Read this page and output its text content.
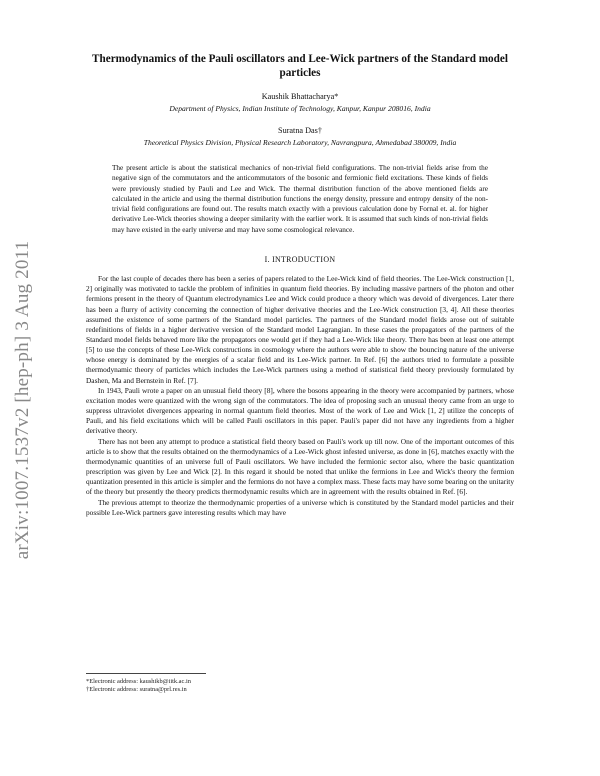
arXiv:1007.1537v2 [hep-ph] 3 Aug 2011
Thermodynamics of the Pauli oscillators and Lee-Wick partners of the Standard model particles
Kaushik Bhattacharya*
Department of Physics, Indian Institute of Technology, Kanpur, Kanpur 208016, India
Suratna Das†
Theoretical Physics Division, Physical Research Laboratory, Navrangpura, Ahmedabad 380009, India
The present article is about the statistical mechanics of non-trivial field configurations. The non-trivial fields arise from the negative sign of the commutators and the anticommutators of the bosonic and fermionic field excitations. These kinds of fields were previously studied by Pauli and Lee and Wick. The thermal distribution function of the above mentioned fields are calculated in the article and using the thermal distribution functions the energy density, pressure and entropy density of the non-trivial field configurations are found out. The results match exactly with a previous calculation done by Fornal et. al. for higher derivative Lee-Wick theories showing a deeper similarity with the earlier work. It is assumed that such kinds of non-trivial fields may have existed in the early universe and may have some cosmological relevance.
I. INTRODUCTION

For the last couple of decades there has been a series of papers related to the Lee-Wick kind of field theories. The Lee-Wick construction [1, 2] originally was motivated to tackle the problem of infinities in quantum field theories. By including massive partners of the photon and other fermions present in the theory of Quantum electrodynamics Lee and Wick could produce a theory which was devoid of divergences. Later there has been a flurry of activity concerning the connection of higher derivative theories and the Lee-Wick construction [3, 4]. All these theories assumed the existence of some partners of the Standard model particles. The partners of the Standard model fields arose out of suitable redefinitions of fields in a higher derivative version of the Standard model Lagrangian. In these cases the propagators of the partners of the Standard model fields behaved more like the propagators one would get if they had a Lee-Wick like theory. There has been at least one attempt [5] to use the concepts of these Lee-Wick constructions in cosmology where the authors were able to show the bouncing nature of the universe whose energy is dominated by the energies of a scalar field and its Lee-Wick partner. In Ref. [6] the authors tried to formulate a possible thermodynamic theory of particles which includes the Lee-Wick partners using a method of statistical field theory previously formulated by Dashen, Ma and Bernstein in Ref. [7].

In 1943, Pauli wrote a paper on an unusual field theory [8], where the bosons appearing in the theory were accompanied by partners, whose excitation modes were quantized with the wrong sign of the commutators. The idea of proposing such an unusual theory came from an urge to suppress ultraviolet divergences appearing in normal quantum field theories. Most of the work of Lee and Wick [1, 2] utilize the concepts of Pauli, and his field excitations which will be called Pauli oscillators in this paper. Pauli's paper did not have any ingredients from a higher derivative theory.

There has not been any attempt to produce a statistical field theory based on Pauli's work up till now. One of the important outcomes of this article is to show that the results obtained on the thermodynamics of a Lee-Wick ghost infested universe, as done in [6], matches exactly with the thermodynamic quantities of an universe full of Pauli oscillators. We have included the fermionic sector also, where the basic quantization prescription was given by Lee and Wick [2]. In this regard it should be noted that unlike the fermions in Lee and Wick's theory the fermion quantization presented in this article is simpler and the fermions do not have a complex mass. These facts may have some bearing on the unitarity of the theory but presently the theory predicts thermodynamic results which are in agreement with the results obtained in Ref. [6].

The previous attempt to theorize the thermodynamic properties of a universe which is constituted by the Standard model particles and their possible Lee-Wick partners gave interesting results which may have

*Electronic address: kaushikb@iitk.ac.in
†Electronic address: suratna@prl.res.in
